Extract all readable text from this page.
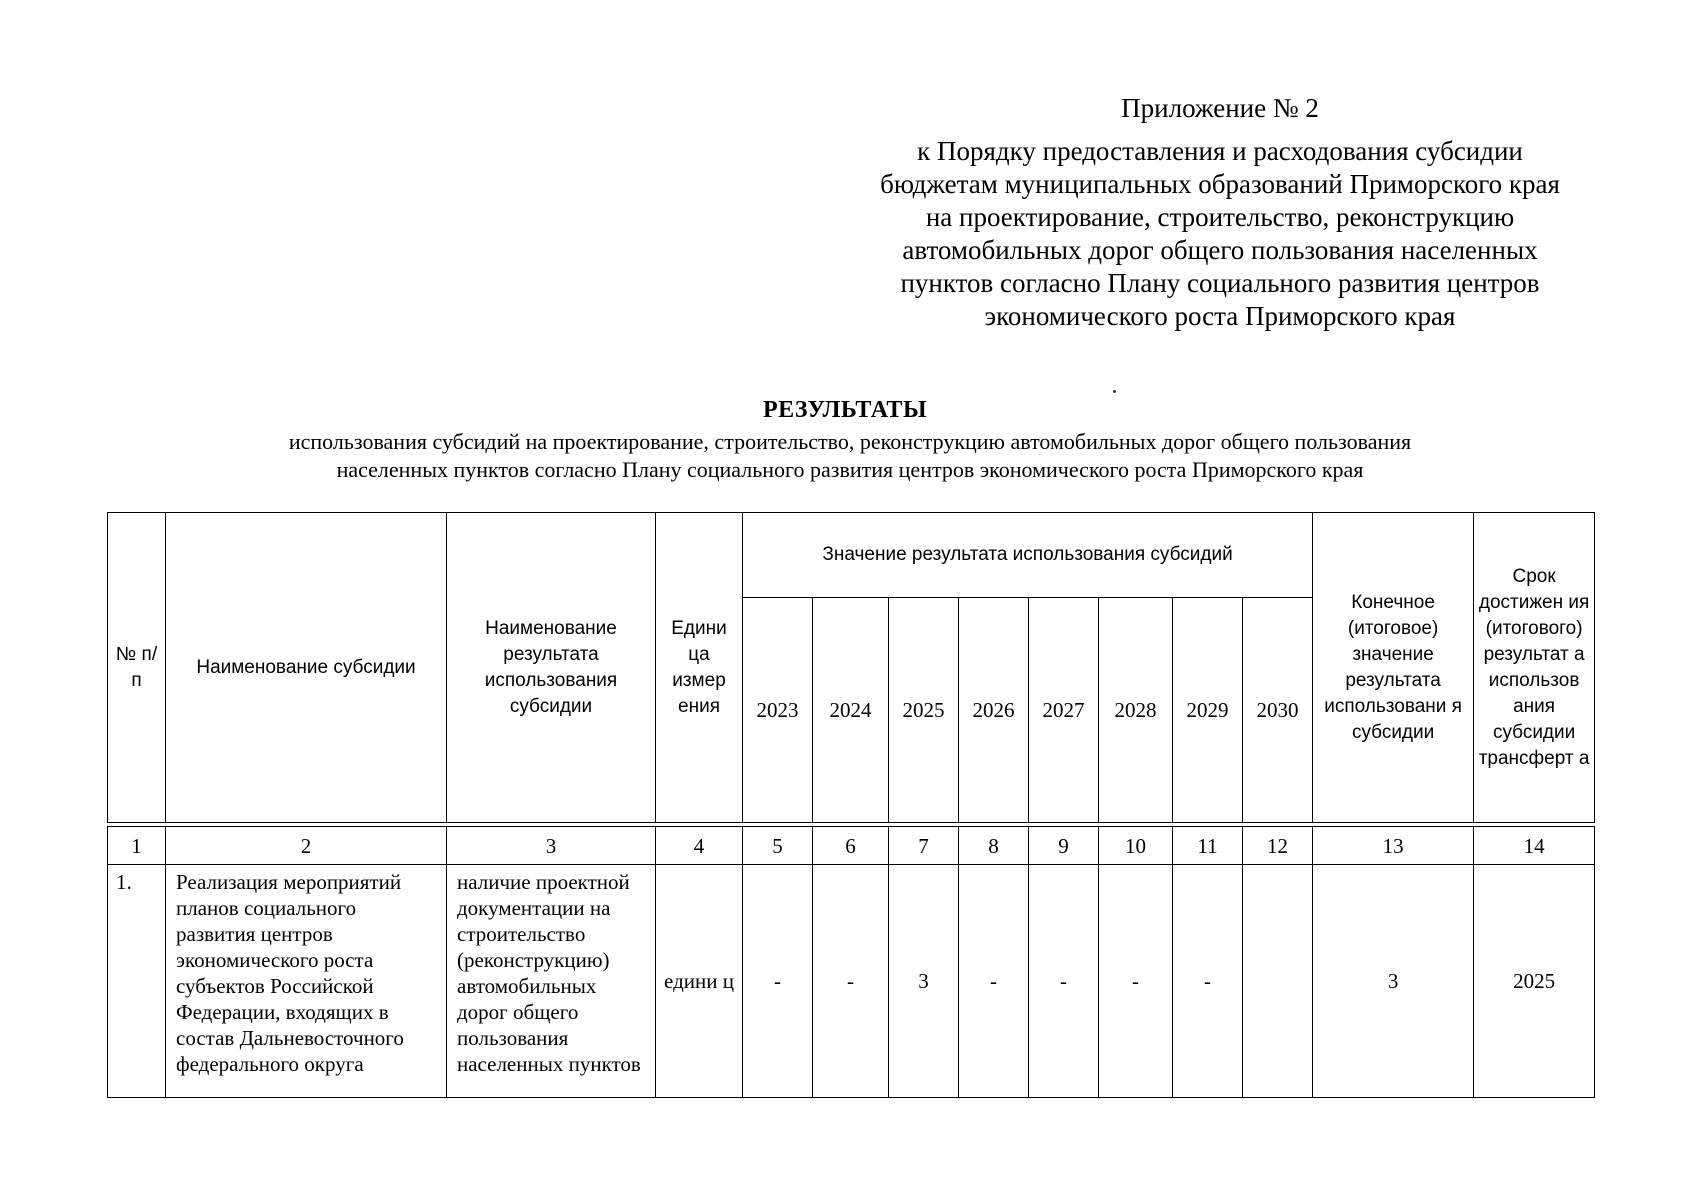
Приложение № 2
к Порядку предоставления и расходования субсидии
бюджетам муниципальных образований Приморского края
на проектирование, строительство, реконструкцию
автомобильных дорог общего пользования населенных
пунктов согласно Плану социального развития центров
экономического роста Приморского края
РЕЗУЛЬТАТЫ
использования субсидий на проектирование, строительство, реконструкцию автомобильных дорог общего пользования
населенных пунктов согласно Плану социального развития центров экономического роста Приморского края
№ п/п	Наименование субсидии	Наименование результата использования субсидии	Едини ца измер ения	Значение результата использования субсидий								Конечное (итоговое) значение результата использовани я субсидии	Срок достижен ия (итогового) результат а использов ания субсидии трансферт а
				2023	2024	2025	2026	2027	2028	2029	2030		

1	2	3	4	5	6	7	8	9	10	11	12	13	14
1.	Реализация мероприятий планов социального развития центров экономического роста субъектов Российской Федерации, входящих в состав Дальневосточного федерального округа	наличие проектной документации на строительство (реконструкцию) автомобильных дорог общего пользования населенных пунктов	едини ц	-	-	3	-	-	-	-		3	2025
